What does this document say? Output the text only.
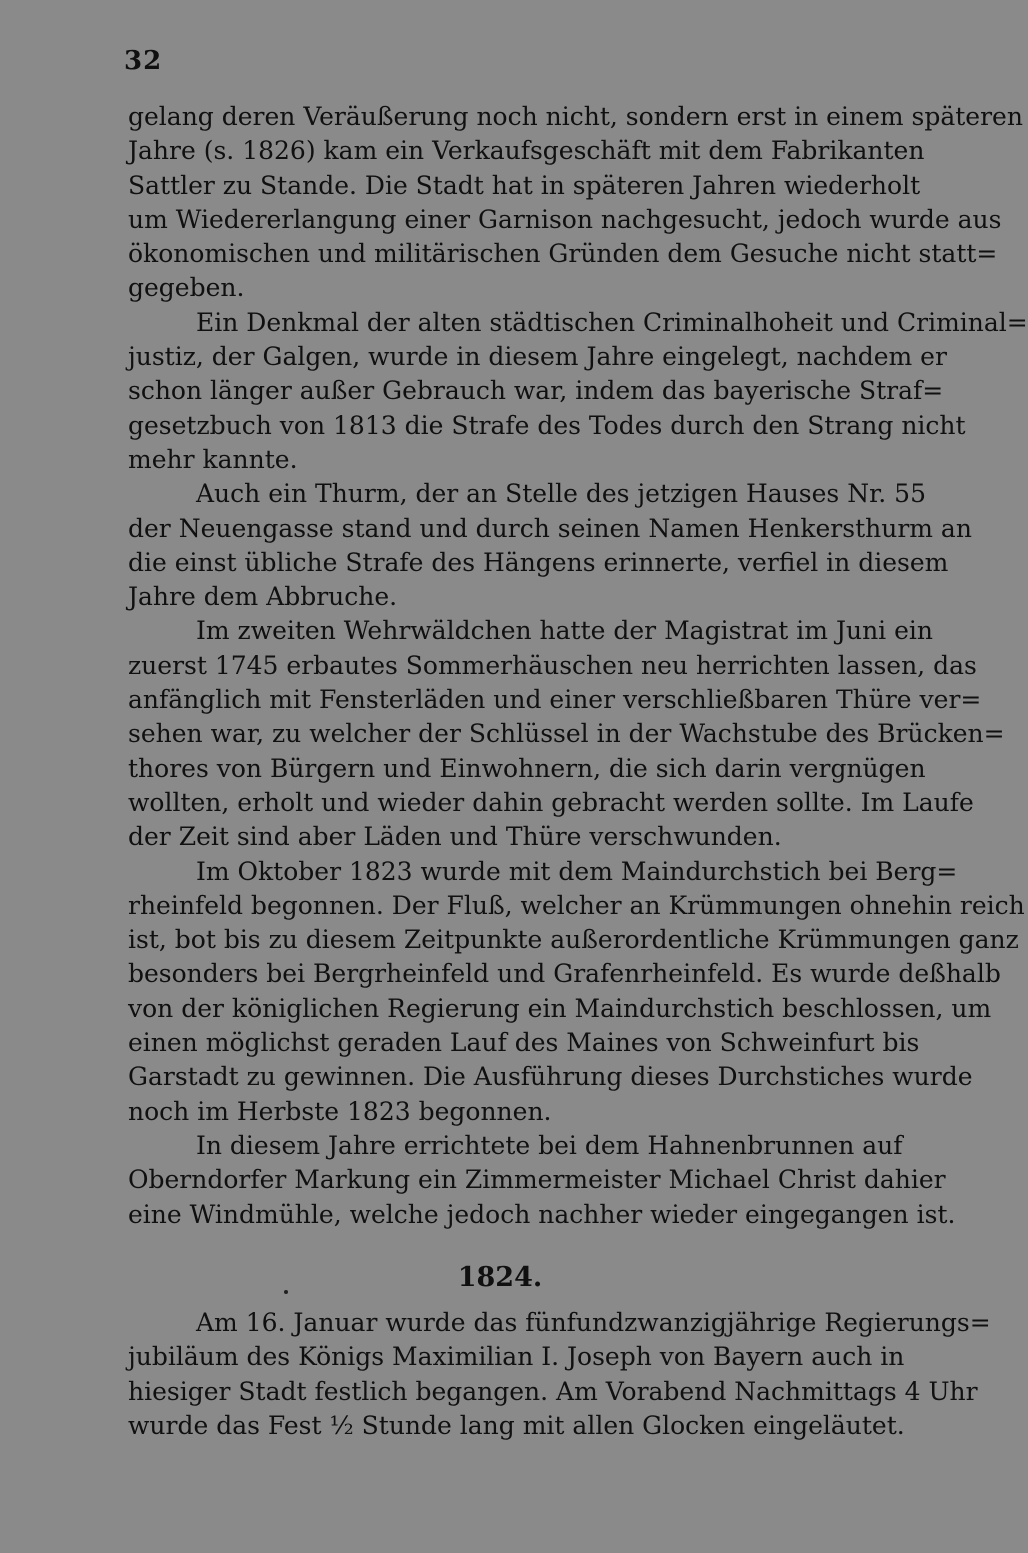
32
gelang deren Veräußerung noch nicht, sondern erst in einem späteren
Jahre (s. 1826) kam ein Verkaufsgeschäft mit dem Fabrikanten
Sattler zu Stande. Die Stadt hat in späteren Jahren wiederholt
um Wiedererlangung einer Garnison nachgesucht, jedoch wurde aus
ökonomischen und militärischen Gründen dem Gesuche nicht statt=
gegeben.
Ein Denkmal der alten städtischen Criminalhoheit und Criminal=
justiz, der Galgen, wurde in diesem Jahre eingelegt, nachdem er
schon länger außer Gebrauch war, indem das bayerische Straf=
gesetzbuch von 1813 die Strafe des Todes durch den Strang nicht
mehr kannte.
Auch ein Thurm, der an Stelle des jetzigen Hauses Nr. 55
der Neuengasse stand und durch seinen Namen Henkersthurm an
die einst übliche Strafe des Hängens erinnerte, verfiel in diesem
Jahre dem Abbruche.
Im zweiten Wehrwäldchen hatte der Magistrat im Juni ein
zuerst 1745 erbautes Sommerhäuschen neu herrichten lassen, das
anfänglich mit Fensterläden und einer verschließbaren Thüre ver=
sehen war, zu welcher der Schlüssel in der Wachstube des Brücken=
thores von Bürgern und Einwohnern, die sich darin vergnügen
wollten, erholt und wieder dahin gebracht werden sollte. Im Laufe
der Zeit sind aber Läden und Thüre verschwunden.
Im Oktober 1823 wurde mit dem Maindurchstich bei Berg=
rheinfeld begonnen. Der Fluß, welcher an Krümmungen ohnehin reich
ist, bot bis zu diesem Zeitpunkte außerordentliche Krümmungen ganz
besonders bei Bergrheinfeld und Grafenrheinfeld. Es wurde deßhalb
von der königlichen Regierung ein Maindurchstich beschlossen, um
einen möglichst geraden Lauf des Maines von Schweinfurt bis
Garstadt zu gewinnen. Die Ausführung dieses Durchstiches wurde
noch im Herbste 1823 begonnen.
In diesem Jahre errichtete bei dem Hahnenbrunnen auf
Oberndorfer Markung ein Zimmermeister Michael Christ dahier
eine Windmühle, welche jedoch nachher wieder eingegangen ist.
1824.
Am 16. Januar wurde das fünfundzwanzigjährige Regierungs=
jubiläum des Königs Maximilian I. Joseph von Bayern auch in
hiesiger Stadt festlich begangen. Am Vorabend Nachmittags 4 Uhr
wurde das Fest ½ Stunde lang mit allen Glocken eingeläutet.
